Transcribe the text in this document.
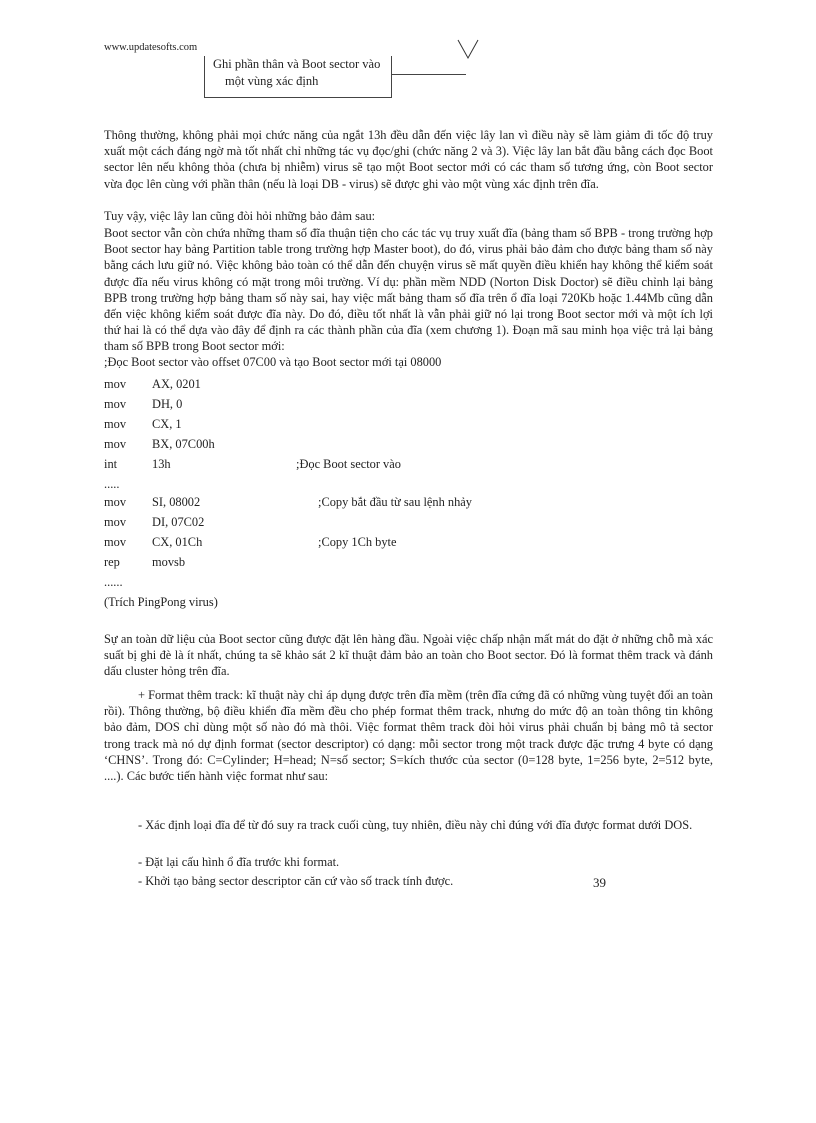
www.updatesofts.com
Ghi phần thân và Boot sector vào
một vùng xác định

Thông thường, không phải mọi chức năng của ngắt 13h đều dẫn đến việc lây lan vì điều này sẽ làm giảm đi tốc độ truy xuất một cách đáng ngờ mà tốt nhất chỉ những tác vụ đọc/ghi (chức năng 2 và 3). Việc lây lan bắt đầu bằng cách đọc Boot sector lên nếu không thỏa (chưa bị nhiễm) virus sẽ tạo một Boot sector mới có các tham số tương ứng, còn Boot sector vừa đọc lên cùng với phần thân (nếu là loại DB - virus) sẽ được ghi vào một vùng xác định trên đĩa.

Tuy vậy, việc lây lan cũng đòi hỏi những bảo đảm sau:

Boot sector vẫn còn chứa những tham số đĩa thuận tiện cho các tác vụ truy xuất đĩa (bảng tham số BPB - trong trường hợp Boot sector hay bảng Partition table trong trường hợp Master boot), do đó, virus phải bảo đảm cho được bảng tham số này bằng cách lưu giữ nó. Việc không bảo toàn có thể dẫn đến chuyện virus sẽ mất quyền điều khiển hay không thể kiểm soát được đĩa nếu virus không có mặt trong môi trường. Ví dụ: phần mềm NDD (Norton Disk Doctor) sẽ điều chỉnh lại bảng BPB trong trường hợp bảng tham số này sai, hay việc mất bảng tham số đĩa trên ổ đĩa loại 720Kb hoặc 1.44Mb cũng dẫn đến việc không kiểm soát được đĩa này. Do đó, điều tốt nhất là vẫn phải giữ nó lại trong Boot sector mới và một ích lợi thứ hai là có thể dựa vào đây để định ra các thành phần của đĩa (xem chương 1). Đoạn mã sau minh họa việc trả lại bảng tham số BPB trong Boot sector mới:

;Đọc Boot sector vào offset 07C00 và tạo Boot sector mới tại 08000
mov AX, 0201
mov DH, 0
mov CX, 1
mov BX, 07C00h
int	13h	;Đọc Boot sector vào
.....
mov SI, 08002	;Copy bắt đầu từ sau lệnh nhảy
mov DI, 07C02
mov CX, 01Ch	;Copy 1Ch byte
rep	movsb
......
(Trích PingPong virus)

Sự an toàn dữ liệu của Boot sector cũng được đặt lên hàng đầu. Ngoài việc chấp nhận mất mát do đặt ở những chỗ mà xác suất bị ghi đè là ít nhất, chúng ta sẽ khảo sát 2 kĩ thuật đảm bảo an toàn cho Boot sector. Đó là format thêm track và đánh dấu cluster hỏng trên đĩa.

+ Format thêm track: kĩ thuật này chỉ áp dụng được trên đĩa mềm (trên đĩa cứng đã có những vùng tuyệt đối an toàn rồi). Thông thường, bộ điều khiển đĩa mềm đều cho phép format thêm track, nhưng do mức độ an toàn thông tin không bảo đảm, DOS chỉ dùng một số nào đó mà thôi. Việc format thêm track đòi hỏi virus phải chuẩn bị bảng mô tả sector trong track mà nó dự định format (sector descriptor) có dạng: mỗi sector trong một track được đặc trưng 4 byte có dạng ‘CHNS’. Trong đó: C=Cylinder; H=head; N=số sector; S=kích thước của sector (0=128 byte, 1=256 byte, 2=512 byte, ....). Các bước tiến hành việc format như sau:

- Xác định loại đĩa để từ đó suy ra track cuối cùng, tuy nhiên, điều này chỉ đúng với đĩa được format dưới DOS.

- Đặt lại cấu hình ổ đĩa trước khi format.

- Khởi tạo bảng sector descriptor căn cứ vào số track tính được.	39
